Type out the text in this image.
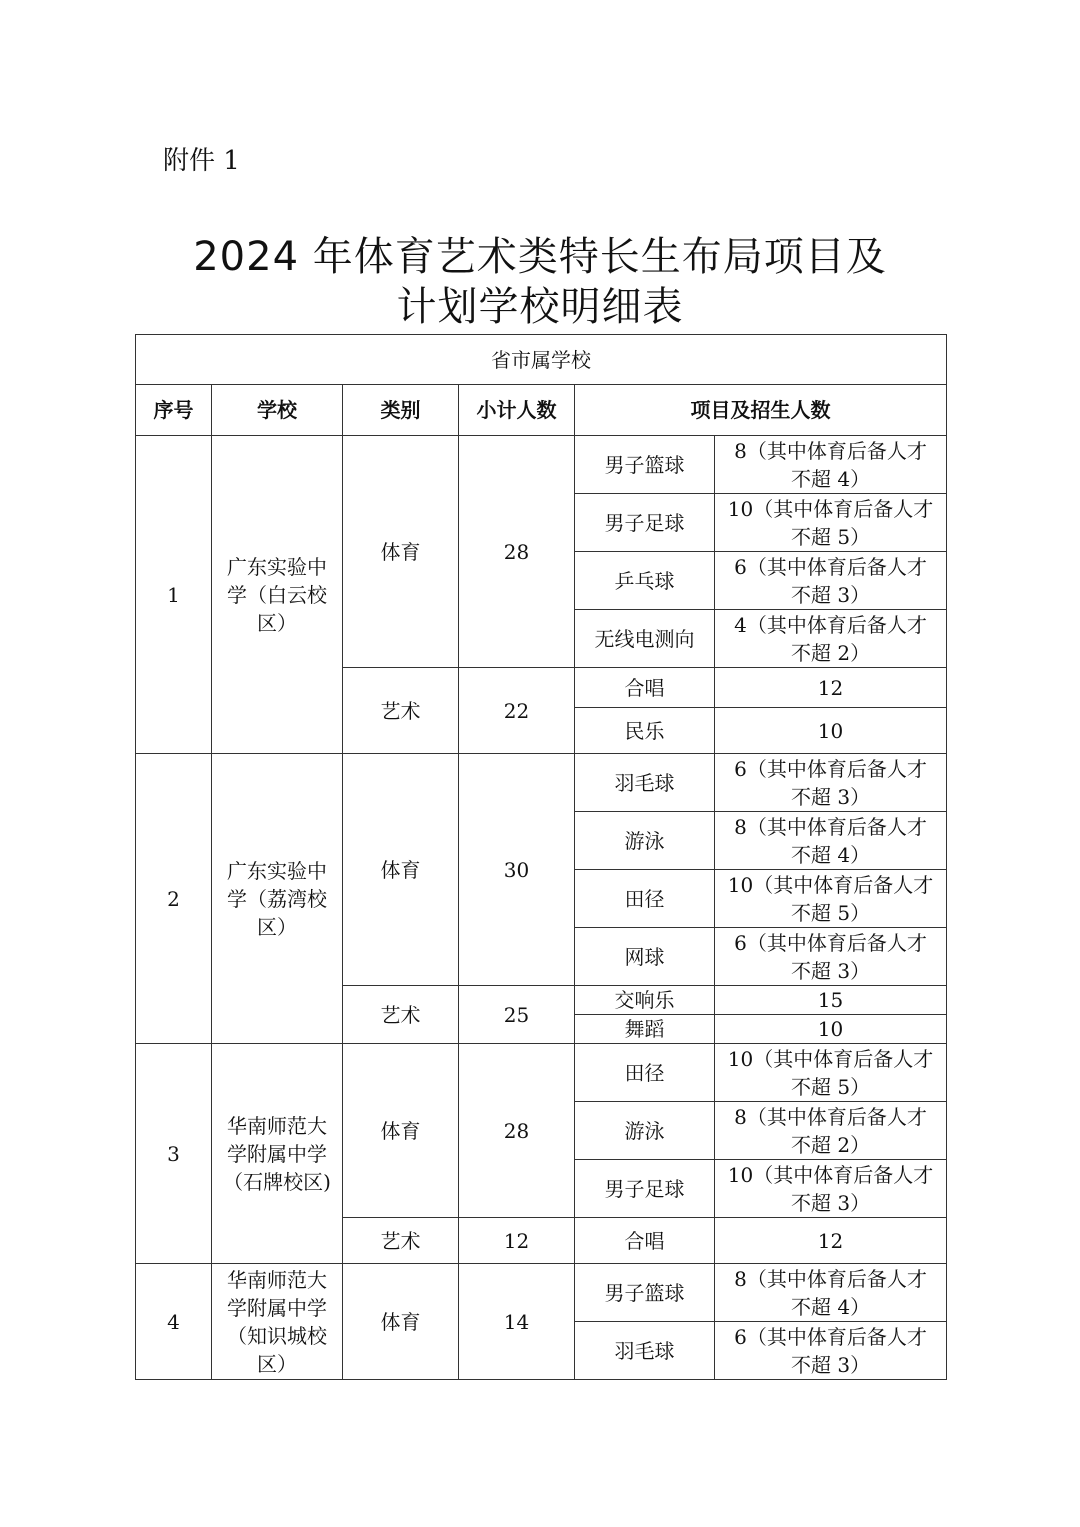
附件 1
2024 年体育艺术类特长生布局项目及
计划学校明细表
省市属学校					
序号	学校	类别	小计人数	项目及招生人数	
1	广东实验中学（白云校区）	体育	28	男子篮球	8（其中体育后备人才
不超 4）

				男子足球	10（其中体育后备人才
不超 5）

				乒乓球	6（其中体育后备人才
不超 3）

				无线电测向	4（其中体育后备人才
不超 2）

		艺术	22	合唱	12

				民乐	10

2	广东实验中学（荔湾校区）	体育	30	羽毛球	6（其中体育后备人才
不超 3）

				游泳	8（其中体育后备人才
不超 4）

				田径	10（其中体育后备人才
不超 5）

				网球	6（其中体育后备人才
不超 3）

		艺术	25	交响乐	15

				舞蹈	10

3	华南师范大学附属中学（石牌校区)	体育	28	田径	10（其中体育后备人才
不超 5）

				游泳	8（其中体育后备人才
不超 2）

				男子足球	10（其中体育后备人才
不超 3）

		艺术	12	合唱	12

4	华南师范大学附属中学（知识城校区）	体育	14	男子篮球	8（其中体育后备人才
不超 4）

				羽毛球	6（其中体育后备人才
不超 3）
